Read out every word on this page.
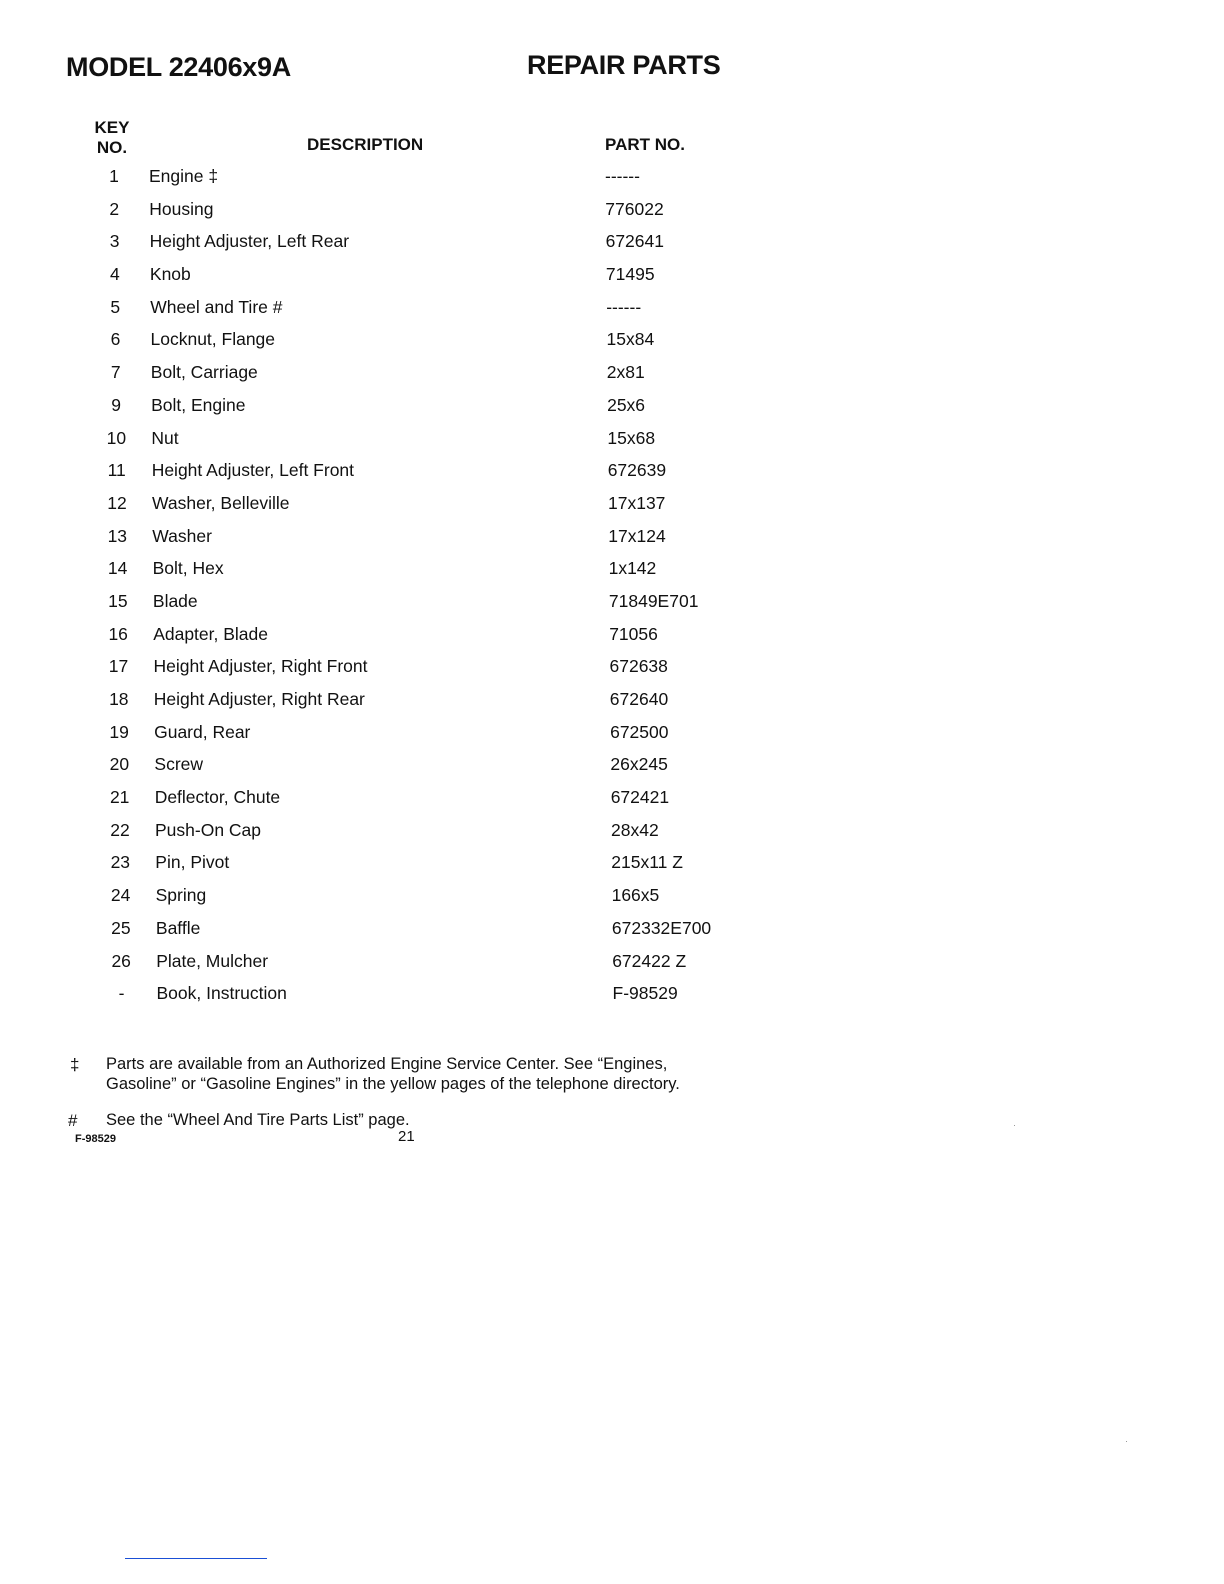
MODEL 22406x9A	REPAIR PARTS
KEY
NO.	DESCRIPTION	PART NO.
1	Engine ‡	------
2	Housing	776022
3	Height Adjuster, Left Rear	672641
4	Knob	71495
5	Wheel and Tire #	------
6	Locknut, Flange	15x84
7	Bolt, Carriage	2x81
9	Bolt, Engine	25x6
10	Nut	15x68
11	Height Adjuster, Left Front	672639
12	Washer, Belleville	17x137
13	Washer	17x124
14	Bolt, Hex	1x142
15	Blade	71849E701
16	Adapter, Blade	71056
17	Height Adjuster, Right Front	672638
18	Height Adjuster, Right Rear	672640
19	Guard, Rear	672500
20	Screw	26x245
21	Deflector, Chute	672421
22	Push-On Cap	28x42
23	Pin, Pivot	215x11 Z
24	Spring	166x5
25	Baffle	672332E700
26	Plate, Mulcher	672422 Z
-	Book, Instruction	F-98529
‡ Parts are available from an Authorized Engine Service Center. See “Engines,
Gasoline” or “Gasoline Engines” in the yellow pages of the telephone directory.
# See the “Wheel And Tire Parts List” page.
F-98529	21
